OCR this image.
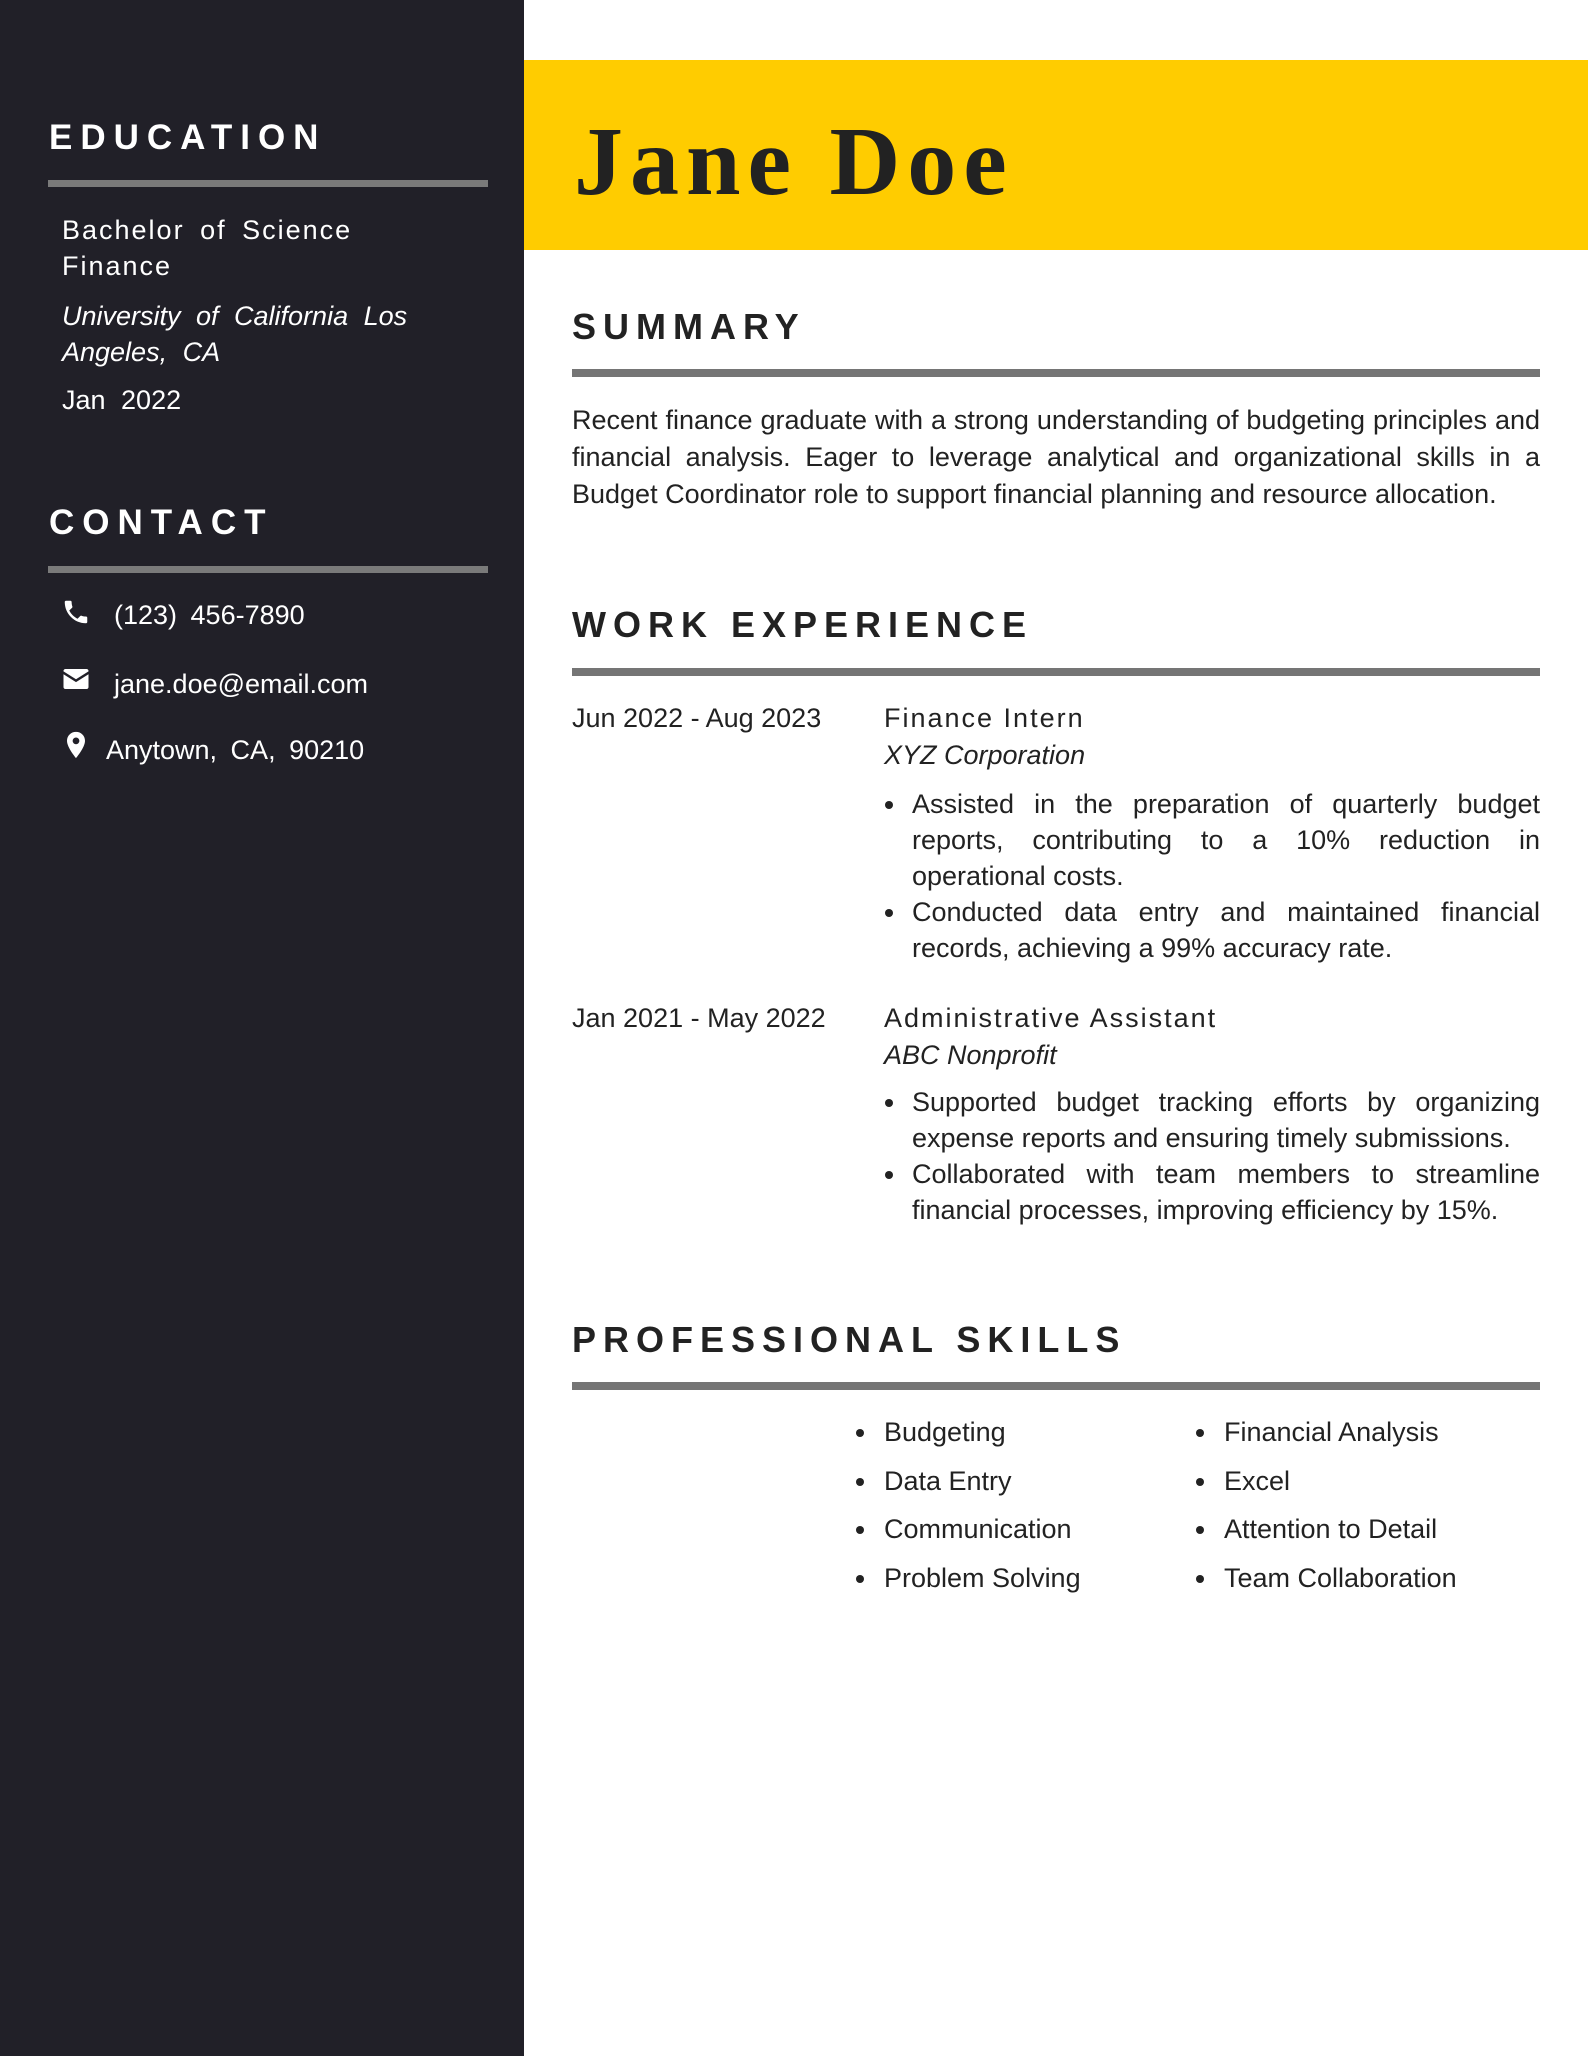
EDUCATION
Bachelor of Science Finance
University of California Los Angeles, CA
Jan 2022
CONTACT
(123) 456-7890
jane.doe@email.com
Anytown, CA, 90210
Jane Doe
SUMMARY

Recent finance graduate with a strong understanding of budgeting principles and financial analysis. Eager to leverage analytical and organizational skills in a Budget Coordinator role to support financial planning and resource allocation.

WORK EXPERIENCE
Jun 2022 - Aug 2023 Finance Intern
XYZ Corporation
Assisted in the preparation of quarterly budget reports, contributing to a 10% reduction in operational costs.
Conducted data entry and maintained financial records, achieving a 99% accuracy rate.
Jan 2021 - May 2022 Administrative Assistant
ABC Nonprofit
Supported budget tracking efforts by organizing expense reports and ensuring timely submissions.
Collaborated with team members to streamline financial processes, improving efficiency by 15%.
PROFESSIONAL SKILLS
Budgeting
Data Entry
Communication
Problem Solving
Financial Analysis
Excel
Attention to Detail
Team Collaboration
